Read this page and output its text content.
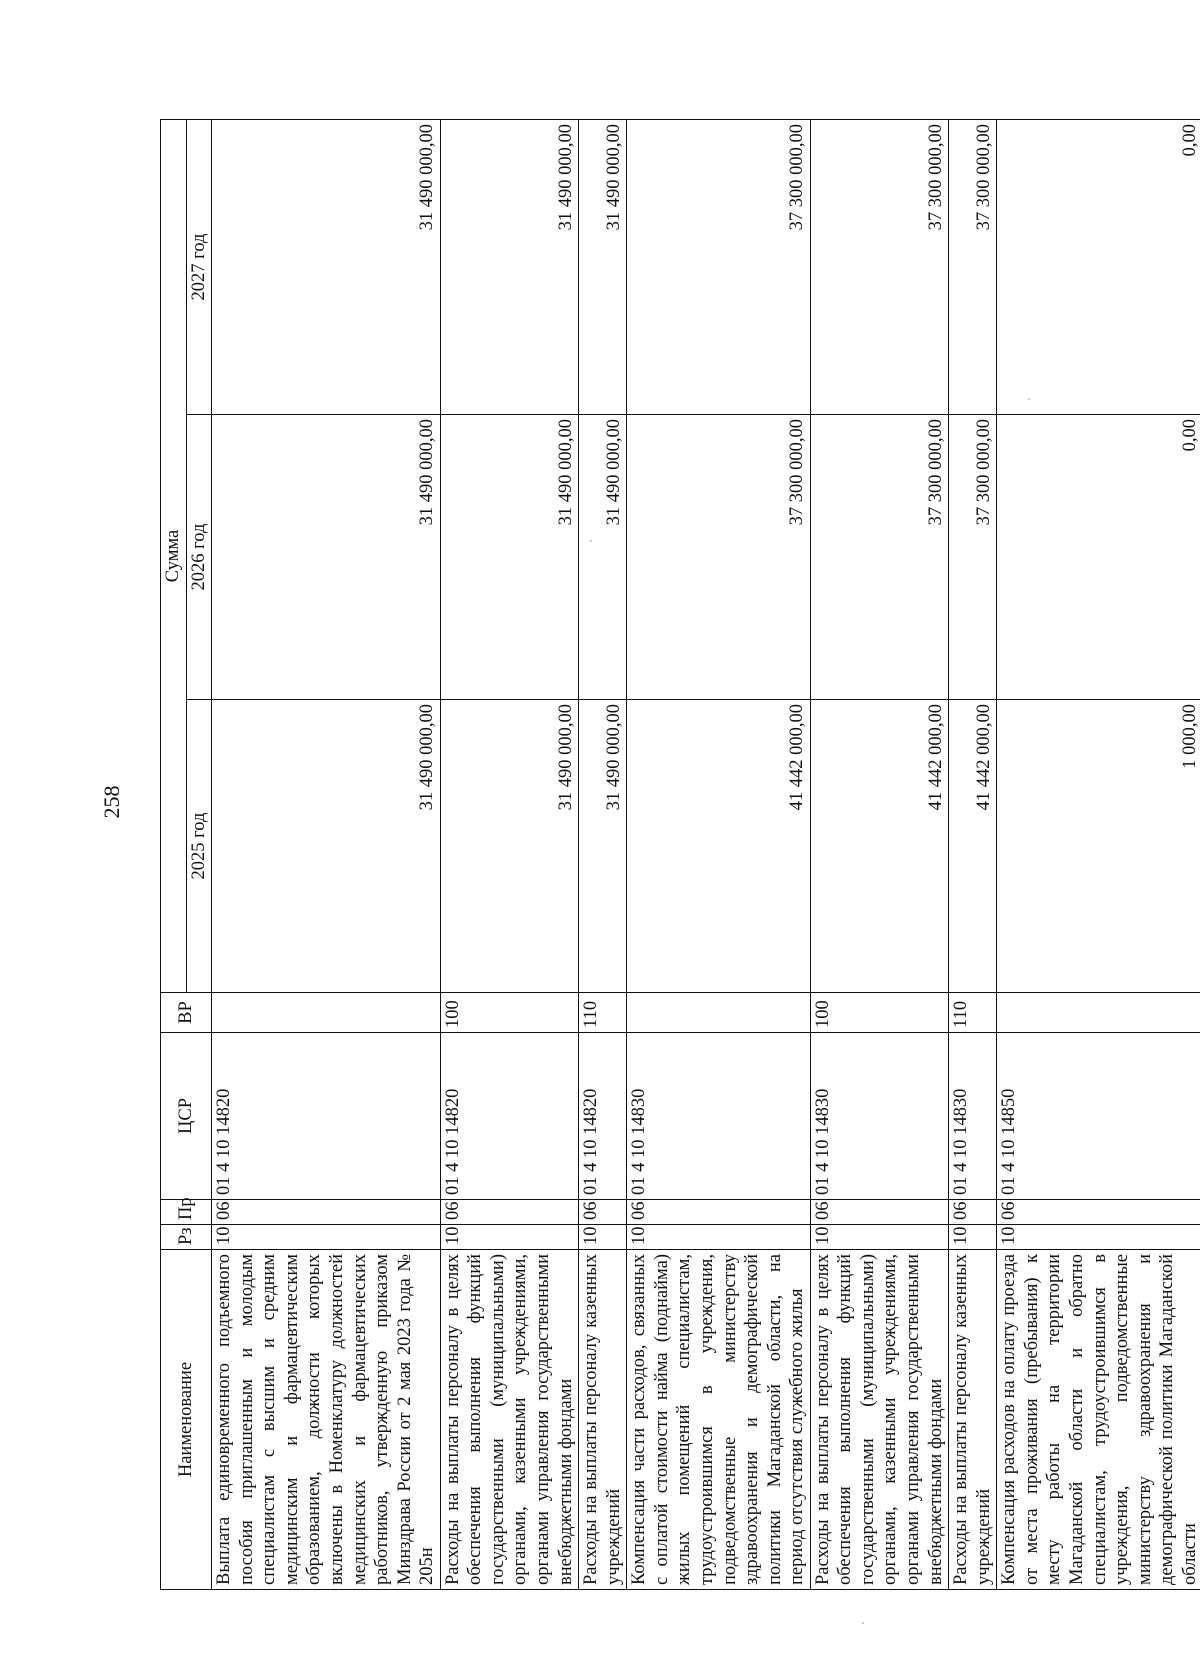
258
Наименование	Рз	Пр	ЦСР	ВР	Сумма		
					2025 год	2026 год	2027 год
Выплата единовременного подъемного пособия приглашенным и молодым специалистам с высшим и средним медицинским и фармацевтическим образованием, должности которых включены в Номенклатуру должностей медицинских и фармацевтических работников, утвержденную приказом Минздрава России от 2 мая 2023 года № 205н	10	06	01 4 10 14820		31 490 000,00	31 490 000,00	31 490 000,00
Расходы на выплаты персоналу в целях обеспечения выполнения функций государственными (муниципальными) органами, казенными учреждениями, органами управления государственными внебюджетными фондами	10	06	01 4 10 14820	100	31 490 000,00	31 490 000,00	31 490 000,00
Расходы на выплаты персоналу казенных учреждений	10	06	01 4 10 14820	110	31 490 000,00	31 490 000,00	31 490 000,00
Компенсация части расходов, связанных с оплатой стоимости найма (поднайма) жилых помещений специалистам, трудоустроившимся в учреждения, подведомственные министерству здравоохранения и демографической политики Магаданской области, на период отсутствия служебного жилья	10	06	01 4 10 14830		41 442 000,00	37 300 000,00	37 300 000,00
Расходы на выплаты персоналу в целях обеспечения выполнения функций государственными (муниципальными) органами, казенными учреждениями, органами управления государственными внебюджетными фондами	10	06	01 4 10 14830	100	41 442 000,00	37 300 000,00	37 300 000,00
Расходы на выплаты персоналу казенных учреждений	10	06	01 4 10 14830	110	41 442 000,00	37 300 000,00	37 300 000,00
Компенсация расходов на оплату проезда от места проживания (пребывания) к месту работы на территории Магаданской области и обратно специалистам, трудоустроившимся в учреждения, подведомственные министерству здравоохранения и демографической политики Магаданской области	10	06	01 4 10 14850		1 000,00	0,00	0,00
